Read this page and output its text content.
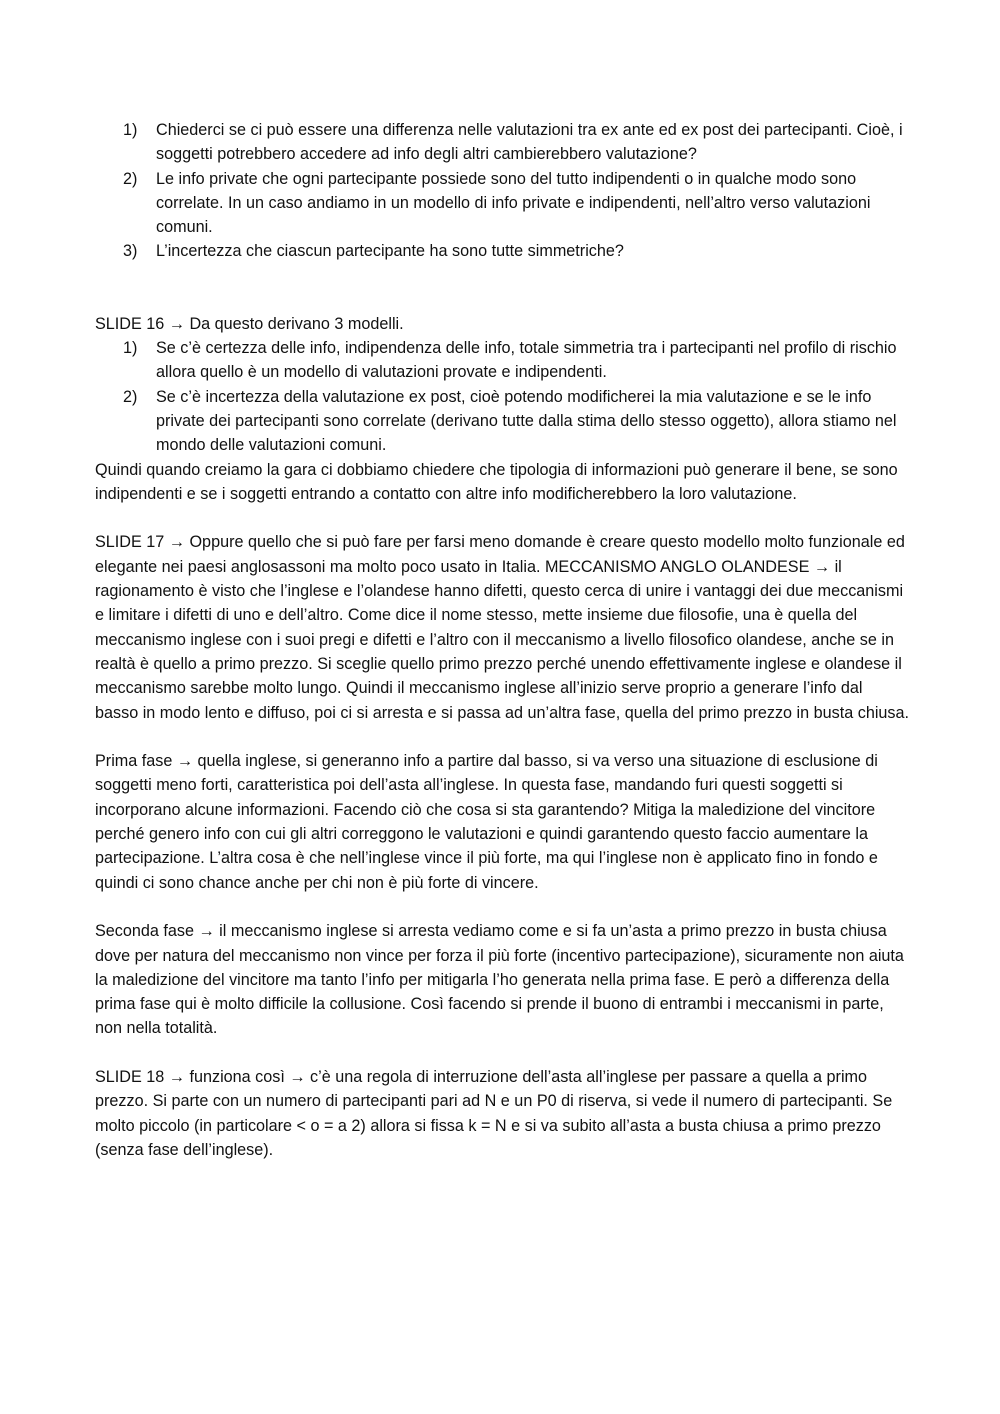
1) Chiederci se ci può essere una differenza nelle valutazioni tra ex ante ed ex post dei partecipanti. Cioè, i soggetti potrebbero accedere ad info degli altri cambierebbero valutazione?
2) Le info private che ogni partecipante possiede sono del tutto indipendenti o in qualche modo sono correlate. In un caso andiamo in un modello di info private e indipendenti, nell’altro verso valutazioni comuni.
3) L’incertezza che ciascun partecipante ha sono tutte simmetriche?

SLIDE 16 → Da questo derivano 3 modelli.

1) Se c’è certezza delle info, indipendenza delle info, totale simmetria tra i partecipanti nel profilo di rischio allora quello è un modello di valutazioni provate e indipendenti.
2) Se c’è incertezza della valutazione ex post, cioè potendo modificherei la mia valutazione e se le info private dei partecipanti sono correlate (derivano tutte dalla stima dello stesso oggetto), allora stiamo nel mondo delle valutazioni comuni.

Quindi quando creiamo la gara ci dobbiamo chiedere che tipologia di informazioni può generare il bene, se sono indipendenti e se i soggetti entrando a contatto con altre info modificherebbero la loro valutazione.

SLIDE 17 → Oppure quello che si può fare per farsi meno domande è creare questo modello molto funzionale ed elegante nei paesi anglosassoni ma molto poco usato in Italia. MECCANISMO ANGLO OLANDESE → il ragionamento è visto che l’inglese e l’olandese hanno difetti, questo cerca di unire i vantaggi dei due meccanismi e limitare i difetti di uno e dell’altro. Come dice il nome stesso, mette insieme due filosofie, una è quella del meccanismo inglese con i suoi pregi e difetti e l’altro con il meccanismo a livello filosofico olandese, anche se in realtà è quello a primo prezzo. Si sceglie quello primo prezzo perché unendo effettivamente inglese e olandese il meccanismo sarebbe molto lungo. Quindi il meccanismo inglese all’inizio serve proprio a generare l’info dal basso in modo lento e diffuso, poi ci si arresta e si passa ad un’altra fase, quella del primo prezzo in busta chiusa.

Prima fase → quella inglese, si generanno info a partire dal basso, si va verso una situazione di esclusione di soggetti meno forti, caratteristica poi dell’asta all’inglese. In questa fase, mandando furi questi soggetti si incorporano alcune informazioni. Facendo ciò che cosa si sta garantendo? Mitiga la maledizione del vincitore perché genero info con cui gli altri correggono le valutazioni e quindi garantendo questo faccio aumentare la partecipazione. L’altra cosa è che nell’inglese vince il più forte, ma qui l’inglese non è applicato fino in fondo e quindi ci sono chance anche per chi non è più forte di vincere.

Seconda fase → il meccanismo inglese si arresta vediamo come e si fa un’asta a primo prezzo in busta chiusa dove per natura del meccanismo non vince per forza il più forte (incentivo partecipazione), sicuramente non aiuta la maledizione del vincitore ma tanto l’info per mitigarla l’ho generata nella prima fase. E però a differenza della prima fase qui è molto difficile la collusione. Così facendo si prende il buono di entrambi i meccanismi in parte, non nella totalità.

SLIDE 18 → funziona così → c’è una regola di interruzione dell’asta all’inglese per passare a quella a primo prezzo. Si parte con un numero di partecipanti pari ad N e un P0 di riserva, si vede il numero di partecipanti. Se molto piccolo (in particolare < o = a 2) allora si fissa k = N e si va subito all’asta a busta chiusa a primo prezzo (senza fase dell’inglese).
